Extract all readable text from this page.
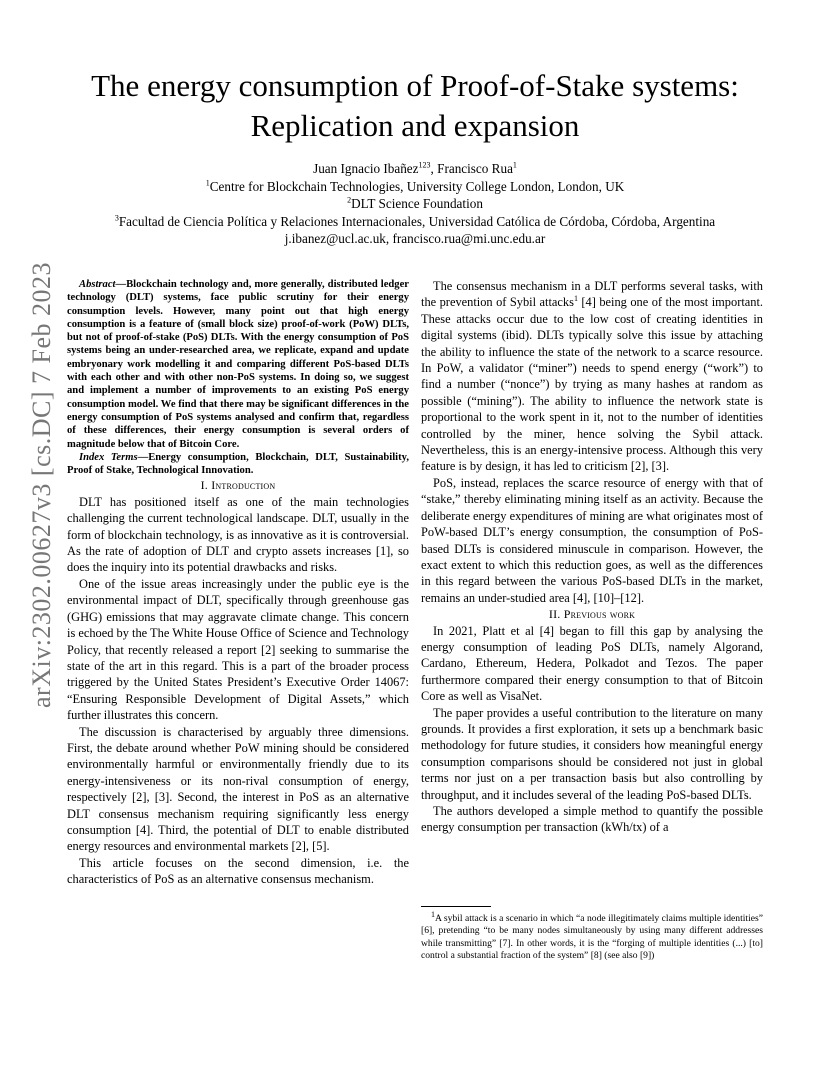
arXiv:2302.00627v3 [cs.DC] 7 Feb 2023
The energy consumption of Proof-of-Stake systems:
Replication and expansion
Juan Ignacio Ibañez$^{123}$, Francisco Rua$^1$
$^1$Centre for Blockchain Technologies, University College London, London, UK
$^2$DLT Science Foundation
$^3$Facultad de Ciencia Política y Relaciones Internacionales, Universidad Católica de Córdoba, Córdoba, Argentina
j.ibanez@ucl.ac.uk, francisco.rua@mi.unc.edu.ar

Abstract—Blockchain technology and, more generally, distributed ledger technology (DLT) systems, face public scrutiny for their energy consumption levels. However, many point out that high energy consumption is a feature of (small block size) proof-of-work (PoW) DLTs, but not of proof-of-stake (PoS) DLTs. With the energy consumption of PoS systems being an under-researched area, we replicate, expand and update embryonary work modelling it and comparing different PoS-based DLTs with each other and with other non-PoS systems. In doing so, we suggest and implement a number of improvements to an existing PoS energy consumption model. We find that there may be significant differences in the energy consumption of PoS systems analysed and confirm that, regardless of these differences, their energy consumption is several orders of magnitude below that of Bitcoin Core.

Index Terms—Energy consumption, Blockchain, DLT, Sustainability, Proof of Stake, Technological Innovation.

I. Introduction

DLT has positioned itself as one of the main technologies challenging the current technological landscape. DLT, usually in the form of blockchain technology, is as innovative as it is controversial. As the rate of adoption of DLT and crypto assets increases [1], so does the inquiry into its potential drawbacks and risks.

One of the issue areas increasingly under the public eye is the environmental impact of DLT, specifically through greenhouse gas (GHG) emissions that may aggravate climate change. This concern is echoed by the The White House Office of Science and Technology Policy, that recently released a report [2] seeking to summarise the state of the art in this regard. This is a part of the broader process triggered by the United States President’s Executive Order 14067: “Ensuring Responsible Development of Digital Assets,” which further illustrates this concern.

The discussion is characterised by arguably three dimensions. First, the debate around whether PoW mining should be considered environmentally harmful or environmentally friendly due to its energy-intensiveness or its non-rival consumption of energy, respectively [2], [3]. Second, the interest in PoS as an alternative DLT consensus mechanism requiring significantly less energy consumption [4]. Third, the potential of DLT to enable distributed energy resources and environmental markets [2], [5].

This article focuses on the second dimension, i.e. the characteristics of PoS as an alternative consensus mechanism.

The consensus mechanism in a DLT performs several tasks, with the prevention of Sybil attacks$^1$ [4] being one of the most important. These attacks occur due to the low cost of creating identities in digital systems (ibid). DLTs typically solve this issue by attaching the ability to influence the state of the network to a scarce resource. In PoW, a validator (“miner”) needs to spend energy (“work”) to find a number (“nonce”) by trying as many hashes at random as possible (“mining”). The ability to influence the network state is proportional to the work spent in it, not to the number of identities controlled by the miner, hence solving the Sybil attack. Nevertheless, this is an energy-intensive process. Although this very feature is by design, it has led to criticism [2], [3].

PoS, instead, replaces the scarce resource of energy with that of “stake,” thereby eliminating mining itself as an activity. Because the deliberate energy expenditures of mining are what originates most of PoW-based DLT’s energy consumption, the consumption of PoS-based DLTs is considered minuscule in comparison. However, the exact extent to which this reduction goes, as well as the differences in this regard between the various PoS-based DLTs in the market, remains an under-studied area [4], [10]–[12].

II. Previous work

In 2021, Platt et al [4] began to fill this gap by analysing the energy consumption of leading PoS DLTs, namely Algorand, Cardano, Ethereum, Hedera, Polkadot and Tezos. The paper furthermore compared their energy consumption to that of Bitcoin Core as well as VisaNet.

The paper provides a useful contribution to the literature on many grounds. It provides a first exploration, it sets up a benchmark basic methodology for future studies, it considers how meaningful energy consumption comparisons should be considered not just in global terms nor just on a per transaction basis but also controlling by throughput, and it includes several of the leading PoS-based DLTs.

The authors developed a simple method to quantify the possible energy consumption per transaction (kWh/tx) of a

$^1$A sybil attack is a scenario in which “a node illegitimately claims multiple identities” [6], pretending “to be many nodes simultaneously by using many different addresses while transmitting” [7]. In other words, it is the “forging of multiple identities (...) [to] control a substantial fraction of the system” [8] (see also [9])
